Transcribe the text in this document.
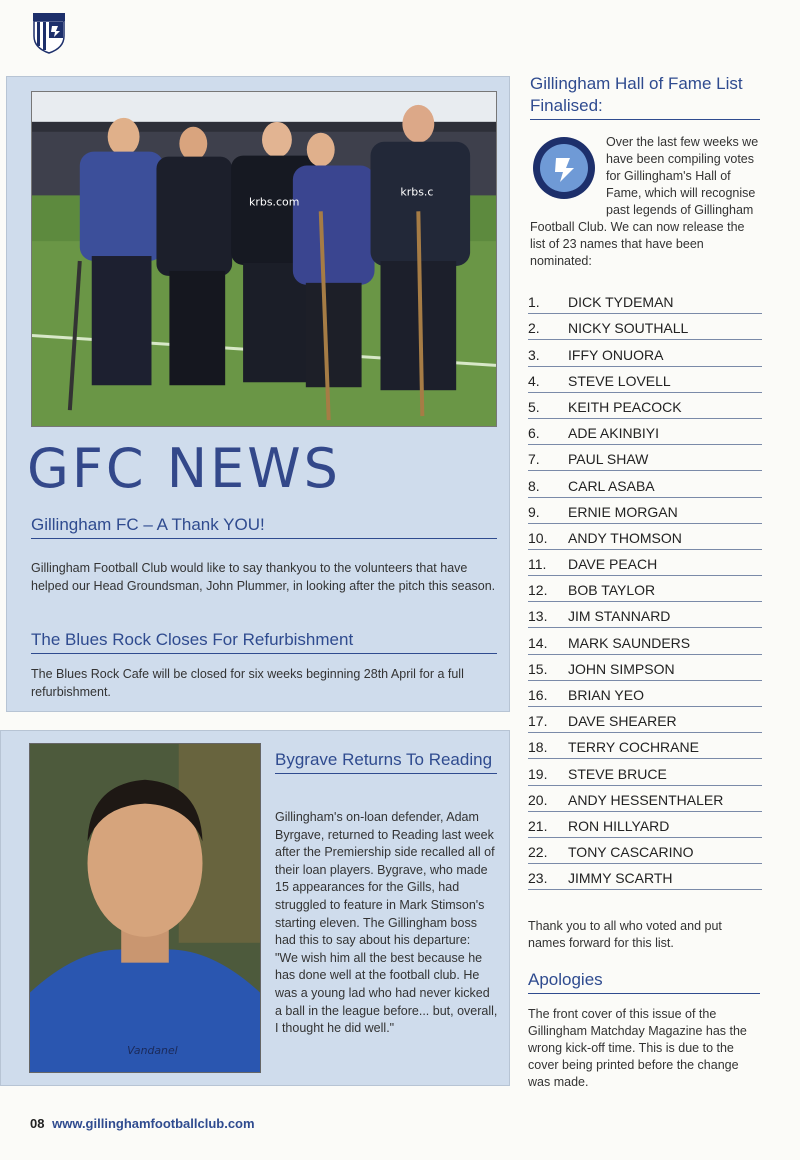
krbs.com
krbs.c
GFC NEWS
Gillingham FC – A Thank YOU!
Gillingham Football Club would like to say thankyou to the volunteers that have helped our Head Groundsman, John Plummer, in looking after the pitch this season.
The Blues Rock Closes For Refurbishment
The Blues Rock Cafe will be closed for six weeks beginning 28th April for a full refurbishment.
Vandanel
Bygrave Returns To Reading
Gillingham's on-loan defender, Adam Byrgave, returned to Reading last week after the Premiership side recalled all of their loan players. Bygrave, who made 15 appearances for the Gills, had struggled to feature in Mark Stimson's starting eleven. The Gillingham boss had this to say about his departure:
"We wish him all the best because he has done well at the football club. He was a young lad who had never kicked a ball in the league before... but, overall, I thought he did well."
Gillingham Hall of Fame List Finalised:
Over the last few weeks we have been compiling votes for Gillingham's Hall of Fame, which will recognise past legends of Gillingham Football Club. We can now release the list of 23 names that have been nominated:
1.	DICK TYDEMAN
2.	NICKY SOUTHALL
3.	IFFY ONUORA
4.	STEVE LOVELL
5.	KEITH PEACOCK
6.	ADE AKINBIYI
7.	PAUL SHAW
8.	CARL ASABA
9.	ERNIE MORGAN
10.	ANDY THOMSON
11.	DAVE PEACH
12.	BOB TAYLOR
13.	JIM STANNARD
14.	MARK SAUNDERS
15.	JOHN SIMPSON
16.	BRIAN YEO
17.	DAVE SHEARER
18.	TERRY COCHRANE
19.	STEVE BRUCE
20.	ANDY HESSENTHALER
21.	RON HILLYARD
22.	TONY CASCARINO
23.	JIMMY SCARTH
Thank you to all who voted and put names forward for this list.
Apologies
The front cover of this issue of the Gillingham Matchday Magazine has the wrong kick-off time. This is due to the cover being printed before the change was made.
08 www.gillinghamfootballclub.com
